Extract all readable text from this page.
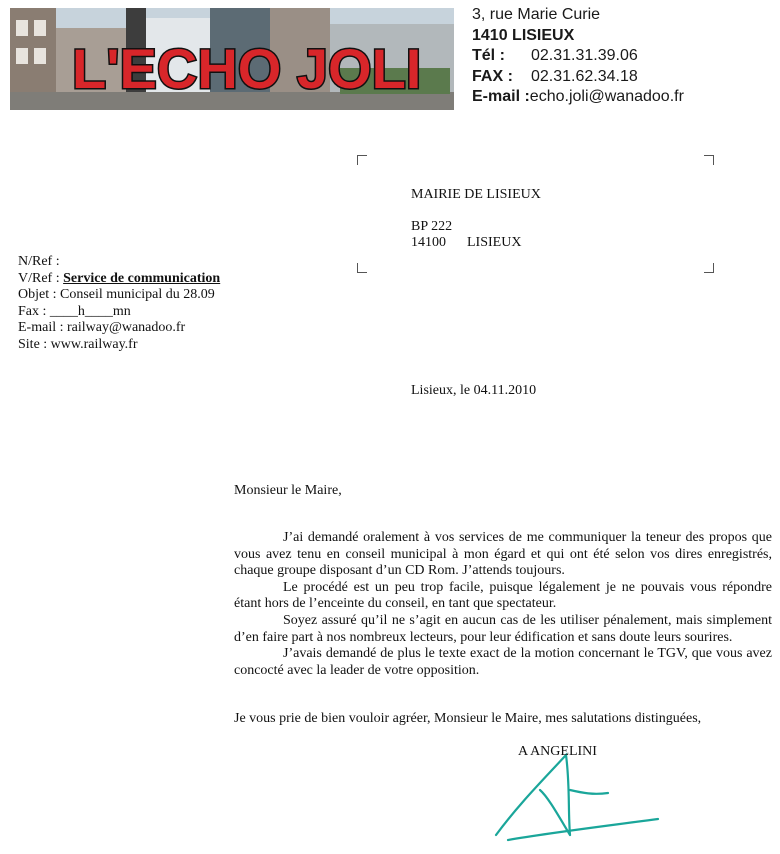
L'ECHO JOLI
3, rue Marie Curie
1410 LISIEUX
Tél :	02.31.31.39.06
FAX :	02.31.62.34.18
E-mail : echo.joli@wanadoo.fr
MAIRIE DE LISIEUX
BP 222
14100 LISIEUX
N/Ref :
V/Ref : Service de communication
Objet : Conseil municipal du 28.09
Fax : ____h____mn
E-mail : railway@wanadoo.fr
Site : www.railway.fr
Lisieux, le 04.11.2010
Monsieur le Maire,

    J’ai demandé oralement à vos services de me communiquer la teneur des propos que vous avez tenu en conseil municipal à mon égard et qui ont été selon vos dires enregistrés, chaque groupe disposant d’un CD Rom. J’attends toujours.

    Le procédé est un peu trop facile, puisque légalement je ne pouvais vous répondre étant hors de l’enceinte du conseil, en tant que spectateur.

    Soyez assuré qu’il ne s’agit en aucun cas de les utiliser pénalement, mais simplement d’en faire part à nos nombreux lecteurs, pour leur édification et sans doute leurs sourires.

    J’avais demandé de plus le texte exact de la motion concernant le TGV, que vous avez concocté avec la leader de votre opposition.

Je vous prie de bien vouloir agréer, Monsieur le Maire, mes salutations distinguées,
A ANGELINI
